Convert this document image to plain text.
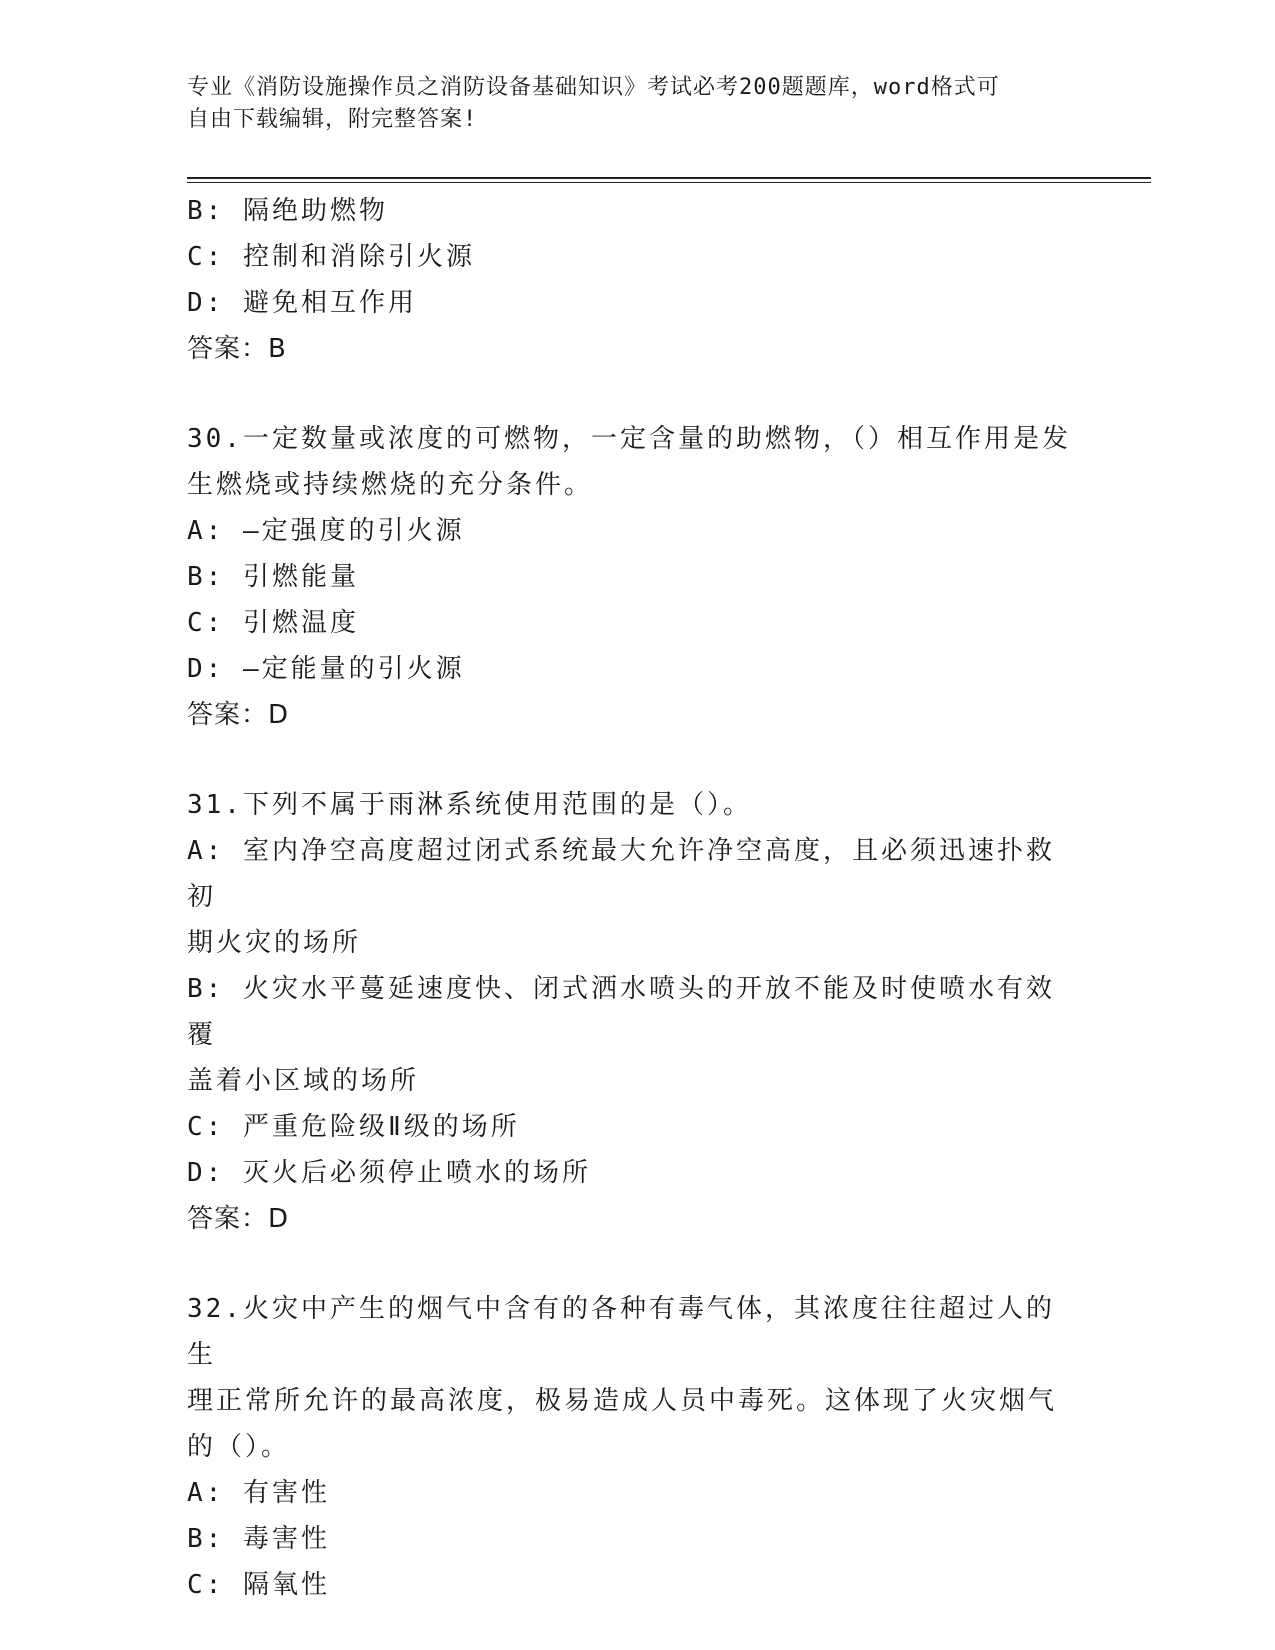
专业《消防设施操作员之消防设备基础知识》考试必考200题题库，word格式可
自由下载编辑，附完整答案!
B: 隔绝助燃物
C: 控制和消除引火源
D: 避免相互作用
答案：B
30.一定数量或浓度的可燃物，一定含量的助燃物，（）相互作用是发
生燃烧或持续燃烧的充分条件。
A: —定强度的引火源
B: 引燃能量
C: 引燃温度
D: —定能量的引火源
答案：D
31.下列不属于雨淋系统使用范围的是（）。
A: 室内净空高度超过闭式系统最大允许净空高度，且必须迅速扑救初
期火灾的场所
B: 火灾水平蔓延速度快、闭式洒水喷头的开放不能及时使喷水有效覆
盖着小区域的场所
C: 严重危险级Ⅱ级的场所
D: 灭火后必须停止喷水的场所
答案：D
32.火灾中产生的烟气中含有的各种有毒气体，其浓度往往超过人的生
理正常所允许的最高浓度，极易造成人员中毒死。这体现了火灾烟气
的（）。
A: 有害性
B: 毒害性
C: 隔氧性
